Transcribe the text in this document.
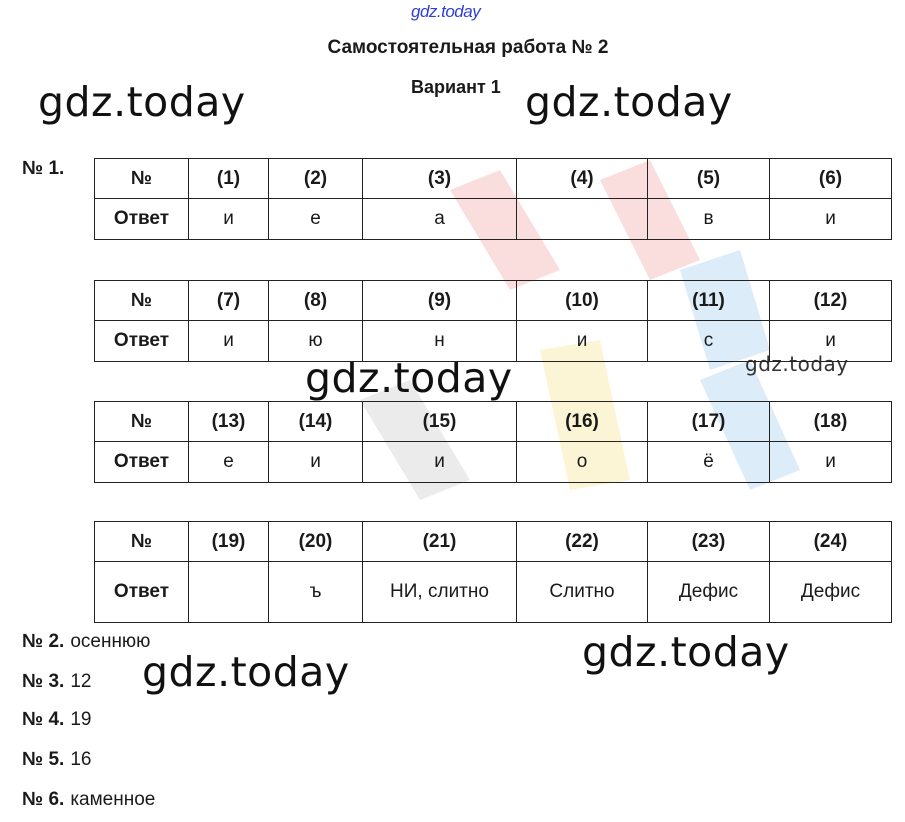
gdz.today
Самостоятельная работа № 2
Вариант 1
gdz.today	gdz.today
gdz.today
gdz.today
gdz.today
gdz.today
№ 1.	№	(1)	(2)	(3)	(4)	(5)	(6)
Ответ	и	е	а		в	и
№	(7)	(8)	(9)	(10)	(11)	(12)
Ответ	и	ю	н	и	с	и
№	(13)	(14)	(15)	(16)	(17)	(18)
Ответ	е	и	и	о	ё	и
№	(19)	(20)	(21)	(22)	(23)	(24)
Ответ		ъ	НИ, слитно	Слитно	Дефис	Дефис
№ 2. осеннюю
№ 3. 12
№ 4. 19
№ 5. 16
№ 6. каменное
